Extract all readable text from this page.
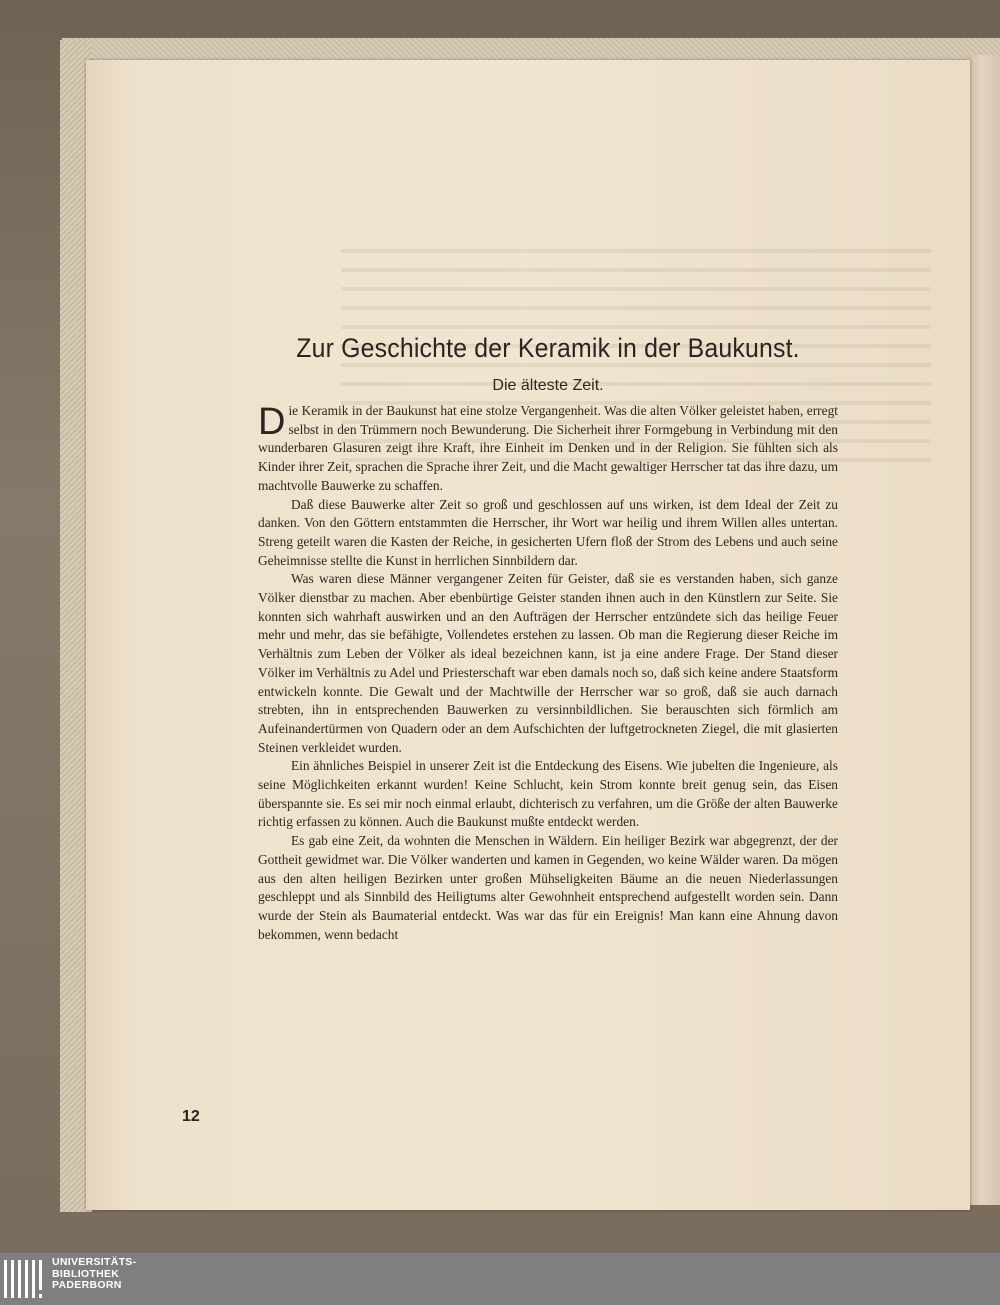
Zur Geschichte der Keramik in der Baukunst.
Die älteste Zeit.

Die Keramik in der Baukunst hat eine stolze Vergangenheit. Was die alten Völker geleistet haben, erregt selbst in den Trümmern noch Bewunderung. Die Sicherheit ihrer Formgebung in Verbindung mit den wunderbaren Glasuren zeigt ihre Kraft, ihre Einheit im Denken und in der Religion. Sie fühlten sich als Kinder ihrer Zeit, sprachen die Sprache ihrer Zeit, und die Macht gewaltiger Herrscher tat das ihre dazu, um machtvolle Bauwerke zu schaffen.

Daß diese Bauwerke alter Zeit so groß und geschlossen auf uns wirken, ist dem Ideal der Zeit zu danken. Von den Göttern entstammten die Herrscher, ihr Wort war heilig und ihrem Willen alles untertan. Streng geteilt waren die Kasten der Reiche, in gesicherten Ufern floß der Strom des Lebens und auch seine Geheimnisse stellte die Kunst in herrlichen Sinnbildern dar.

Was waren diese Männer vergangener Zeiten für Geister, daß sie es verstanden haben, sich ganze Völker dienstbar zu machen. Aber ebenbürtige Geister standen ihnen auch in den Künstlern zur Seite. Sie konnten sich wahrhaft auswirken und an den Aufträgen der Herrscher entzündete sich das heilige Feuer mehr und mehr, das sie befähigte, Vollendetes erstehen zu lassen. Ob man die Regierung dieser Reiche im Verhältnis zum Leben der Völker als ideal bezeichnen kann, ist ja eine andere Frage. Der Stand dieser Völker im Verhältnis zu Adel und Priesterschaft war eben damals noch so, daß sich keine andere Staatsform entwickeln konnte. Die Gewalt und der Machtwille der Herrscher war so groß, daß sie auch darnach strebten, ihn in entsprechenden Bauwerken zu versinnbildlichen. Sie berauschten sich förmlich am Aufeinandertürmen von Quadern oder an dem Aufschichten der luftgetrockneten Ziegel, die mit glasierten Steinen verkleidet wurden.

Ein ähnliches Beispiel in unserer Zeit ist die Entdeckung des Eisens. Wie jubelten die Ingenieure, als seine Möglichkeiten erkannt wurden! Keine Schlucht, kein Strom konnte breit genug sein, das Eisen überspannte sie. Es sei mir noch einmal erlaubt, dichterisch zu verfahren, um die Größe der alten Bauwerke richtig erfassen zu können. Auch die Baukunst mußte entdeckt werden.

Es gab eine Zeit, da wohnten die Menschen in Wäldern. Ein heiliger Bezirk war abgegrenzt, der der Gottheit gewidmet war. Die Völker wanderten und kamen in Gegenden, wo keine Wälder waren. Da mögen aus den alten heiligen Bezirken unter großen Mühseligkeiten Bäume an die neuen Niederlassungen geschleppt und als Sinnbild des Heiligtums alter Gewohnheit entsprechend aufgestellt worden sein. Dann wurde der Stein als Baumaterial entdeckt. Was war das für ein Ereignis! Man kann eine Ahnung davon bekommen, wenn bedacht

12
UNIVERSITÄTS-
BIBLIOTHEK
PADERBORN
